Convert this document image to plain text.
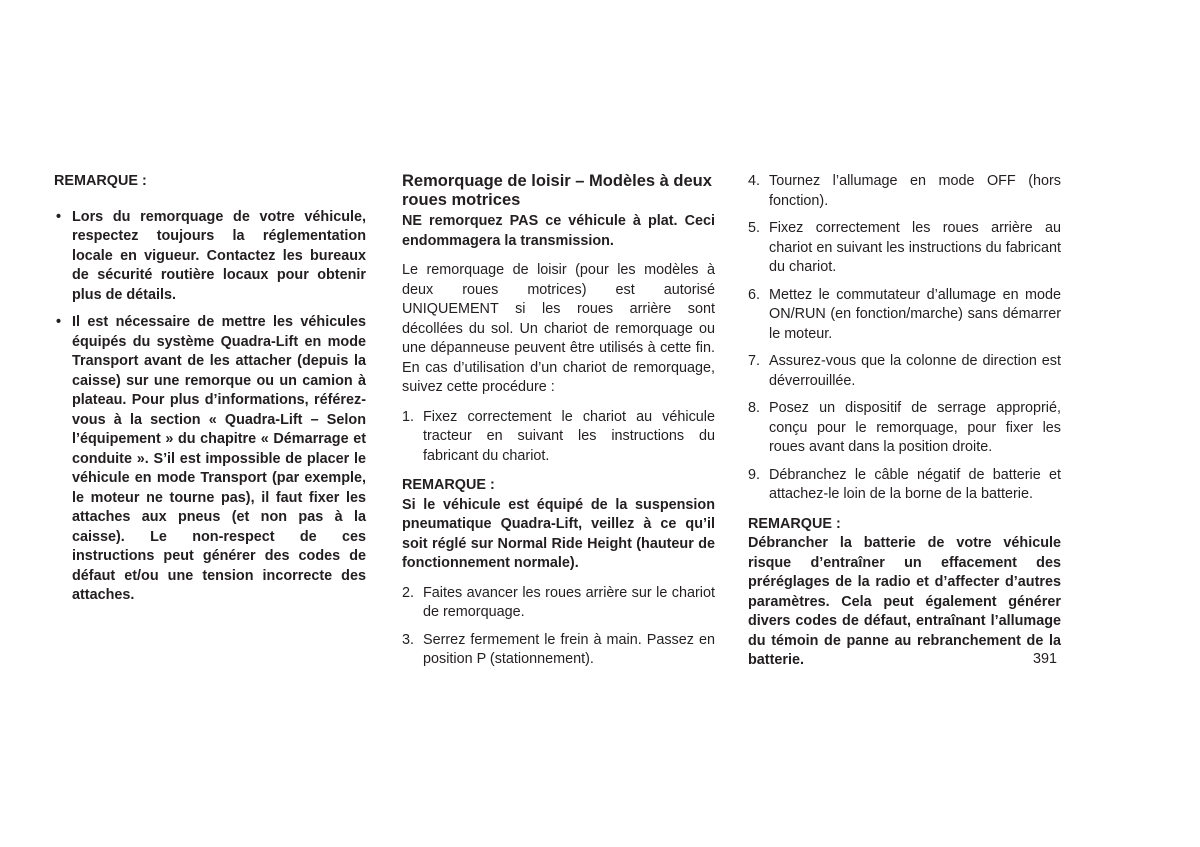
REMARQUE :

• Lors du remorquage de votre véhicule, respectez toujours la réglementation locale en vigueur. Contactez les bureaux de sécurité routière locaux pour obtenir plus de détails.
• Il est nécessaire de mettre les véhicules équipés du système Quadra-Lift en mode Transport avant de les attacher (depuis la caisse) sur une remorque ou un camion à plateau. Pour plus d’informations, référez-vous à la section « Quadra-Lift – Selon l’équipement » du chapitre « Démarrage et conduite ». S’il est impossible de placer le véhicule en mode Transport (par exemple, le moteur ne tourne pas), il faut fixer les attaches aux pneus (et non pas à la caisse). Le non-respect de ces instructions peut générer des codes de défaut et/ou une tension incorrecte des attaches.

Remorquage de loisir – Modèles à deux roues motrices

NE remorquez PAS ce véhicule à plat. Ceci endommagera la transmission.

Le remorquage de loisir (pour les modèles à deux roues motrices) est autorisé UNIQUEMENT si les roues arrière sont décollées du sol. Un chariot de remorquage ou une dépanneuse peuvent être utilisés à cette fin. En cas d’utilisation d’un chariot de remorquage, suivez cette procédure :

1. Fixez correctement le chariot au véhicule tracteur en suivant les instructions du fabricant du chariot.

REMARQUE :

Si le véhicule est équipé de la suspension pneumatique Quadra-Lift, veillez à ce qu’il soit réglé sur Normal Ride Height (hauteur de fonctionnement normale).

2. Faites avancer les roues arrière sur le chariot de remorquage.
3. Serrez fermement le frein à main. Passez en position P (stationnement).
4. Tournez l’allumage en mode OFF (hors fonction).
5. Fixez correctement les roues arrière au chariot en suivant les instructions du fabricant du chariot.
6. Mettez le commutateur d’allumage en mode ON/RUN (en fonction/marche) sans démarrer le moteur.
7. Assurez-vous que la colonne de direction est déverrouillée.
8. Posez un dispositif de serrage approprié, conçu pour le remorquage, pour fixer les roues avant dans la position droite.
9. Débranchez le câble négatif de batterie et attachez-le loin de la borne de la batterie.

REMARQUE :

Débrancher la batterie de votre véhicule risque d’entraîner un effacement des préréglages de la radio et d’affecter d’autres paramètres. Cela peut également générer divers codes de défaut, entraînant l’allumage du témoin de panne au rebranchement de la batterie.	391
